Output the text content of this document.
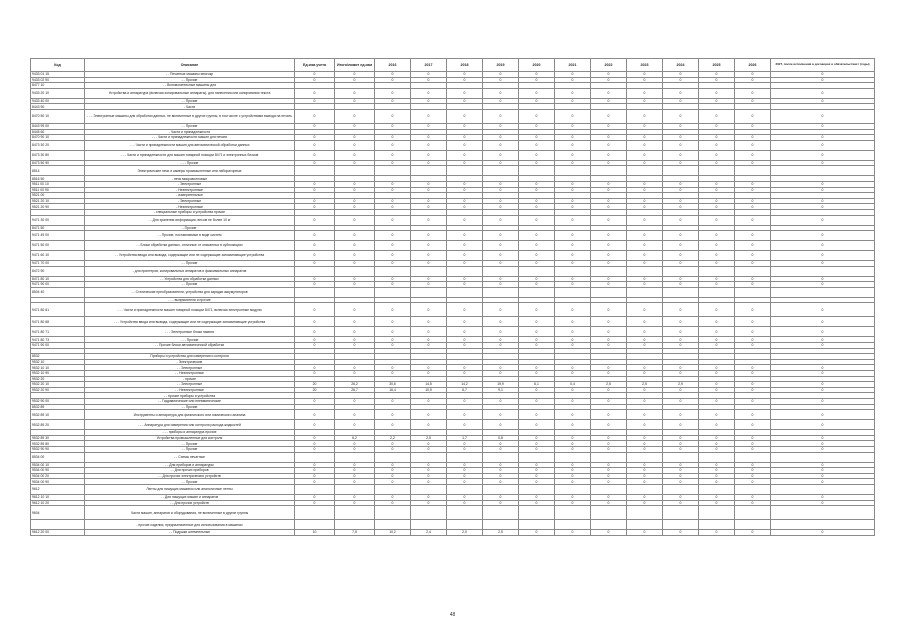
Код	Описание	Ед.изм.учета	Итого/лимит ед.изм	2016	2017	2018	2019	2020	2021	2022	2023	2024	2025	2026	2027, после исполнения в договорах и обязательствах / (годы)
9433 01 15	- - Печатные машины многокр	0	0	0	0	0	0	0	0	0	0	0	0	0	0
9433 02 90	- - Прочие	0	0	0	0	0	0	0	0	0	0	0	0	0	0
8477 10	- - Вспомогательные машины для														
9433 20 10	Устройства и аппаратура (включая копировальные аппараты), для нанесения или копирования текста	0	0	0	0	0	0	0	0	0	0	0	0	0	0
9433 40 00	- - Прочие	0	0	0	0	0	0	0	0	0	0	0	0	0	0
8443 90	- Части														
8470 50 10	- - - Электронные машины для обработки данных, не включенные в другие группы, в том числе с устройствами вывода на печать	0	0	0	0	0	0	0	0	0	0	0	0	0	0
8443 99 00	- - Прочие	0	0	0	0	0	0	0	0	0	0	0	0	0	0
8445 60	- Части и принадлежности														
8470 90 10	- - - Части и принадлежности машин для печати	0	0	0	0	0	0	0	0	0	0	0	0	0	0
8473 30 20	- - - Части и принадлежности машин для автоматической обработки данных	0	0	0	0	0	0	0	0	0	0	0	0	0	0
8473 30 80	- - - Части и принадлежности для машин товарной позиции 8471 и электронных блоков	0	0	0	0	0	0	0	0	0	0	0	0	0	0
8473 50 90	- - - Прочие	0	0	0	0	0	0	0	0	0	0	0	0	0	0
8514	Электрические печи и камеры промышленные или лабораторные														
8516 50	- печи микроволновые														
9511 00 10	- Электронные	0	0	0	0	0	0	0	0	0	0	0	0	0	0
9511 00 90	- Неэлектронные	0	0	0	0	0	0	0	0	0	0	0	0	0	0
9521 00	- измерительные														
9521 20 10	- Электронные	0	0	0	0	0	0	0	0	0	0	0	0	0	0
9521 20 90	- Неэлектронные	0	0	0	0	0	0	0	0	0	0	0	0	0	0
	- специальные приборы и устройства прочие														
9471 30 00	- - Для хранения информации, весом не более 10 кг	0	0	0	0	0	0	0	0	0	0	0	0	0	0
8471 50	- Прочие														
9471 49 00	- - Прочие, поставляемые в виде систем	0	0	0	0	0	0	0	0	0	0	0	0	0	0
9471 50 00	- - Блоки обработки данных, отличные от описанных в субпозициях	0	0	0	0	0	0	0	0	0	0	0	0	0	0
9471 60 10	- - Устройства ввода или вывода, содержащие или не содержащие запоминающие устройства	0	0	0	0	0	0	0	0	0	0	0	0	0	0
9471 70 00	- - Прочие	0	0	0	0	0	0	0	0	0	0	0	0	0	0
8472 90	- для принтеров, копировальных аппаратов и факсимильных аппаратов														
8471 80 10	- - Устройства для обработки данных	0	0	0	0	0	0	0	0	0	0	0	0	0	0
9471 90 00	- - Прочие	0	0	0	0	0	0	0	0	0	0	0	0	0	0
8504 40	- - Статические преобразователи, устройства для зарядки аккумуляторов														
	- - - выпрямители и прочие														
9471 80 61	- - - Части и принадлежности машин товарной позиции 8471, включая электронные модули	0	0	0	0	0	0	0	0	0	0	0	0	0	0
9471 80 68	- - - Устройства ввода или вывода, содержащие или не содержащие запоминающие устройства	0	0	0	0	0	0	0	0	0	0	0	0	0	0
9471 80 71	- - - Электронные блоки памяти	0	0	0	0	0	0	0	0	0	0	0	0	0	0
9471 80 73	- - - Прочие	0	0	0	0	0	0	0	0	0	0	0	0	0	0
9471 90 00	- - Прочие блоки автоматической обработки	0	0	0	0	0	0	0	0	0	0	0	0	0	0

8532	Приборы и устройства для измерения и контроля														
9532 10	- Электрические														
9532 10 10	- - Электронные	0	0	0	0	0	0	0	0	0	0	0	0	0	0
9532 10 90	- - Неэлектронные	0	0	0	0	0	0	0	0	0	0	0	0	0	0
9532 20	- прочие														
9532 20 10	- - Электронные	20	26,2	30,6	14,5	14,2	19,9	6,1	0,4	2,5	2,5	2,9	0	0	0
9532 20 90	- - Неэлектронные	20	26,7	16,4	10,9	6,7	9,1	0	0	0	0	0	0	0	0
	- - прочие приборы и устройства														
9532 90 00	- - Гидравлические или пневматические	0	0	0	0	0	0	0	0	0	0	0	0	0	0
8532 89	- - Прочие														
9532 89 10	Инструменты и аппаратура для физического или химического анализа	0	0	0	0	0	0	0	0	0	0	0	0	0	0
9532 89 20	- - - Аппаратура для измерения или контроля расхода жидкостей	0	0	0	0	0	0	0	0	0	0	0	0	0	0
	- - - приборы и аппаратура прочие														
9532 89 30	Устройства промышленные для контроля	0	6,2	2,2	2,5	1,7	0,8	0	0	0	0	0	0	0	0
9532 89 80	- - Прочие	0	0	0	0	0	0	0	0	0	0	0	0	0	0
9532 90 90	- - Прочие	0	0	0	0	0	0	0	0	0	0	0	0	0	0
8534 00	- - Схемы печатные														
9534 00 10	- - Для приборов и аппаратуры	0	0	0	0	0	0	0	0	0	0	0	0	0	0
9534 00 90	- - Для прочих приборов	0	0	0	0	0	0	0	0	0	0	0	0	0	0
9534 00 20	- - Для прочих электрических устройств	0	0	0	0	0	0	0	0	0	0	0	0	0	0
9534 00 90	- - Прочие	0	0	0	0	0	0	0	0	0	0	0	0	0	0
9612	Ленты для пишущих машинок или аналогичные ленты														
9612 10 10	- - Для пишущих машин и аппаратов	0	0	0	0	0	0	0	0	0	0	0	0	0	0
9612 10 20	- - Для прочих устройств	0	0	0	0	0	0	0	0	0	0	0	0	0	0
9604	Части машин, аппаратов и оборудования, не включенные в другие группы														
	- прочие изделия, предназначенные для использования в машинах														
9612 20 00	- - Подушки штемпельные	10	7,5	10,2	2,4	2,0	2,5	0	0	0	0	0	0	0	0
48
